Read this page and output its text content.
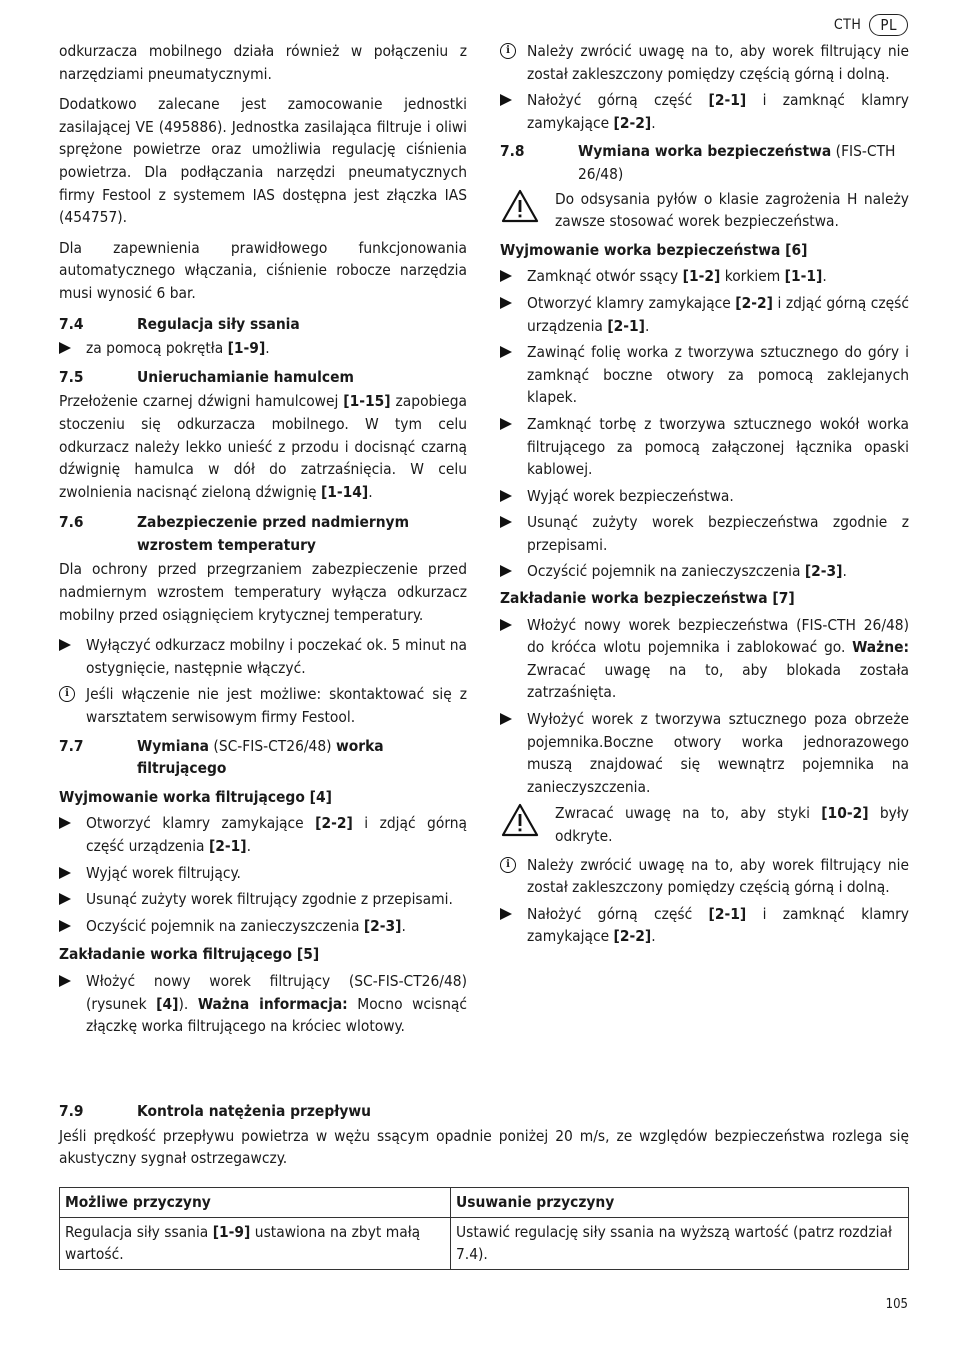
CTH	PL

odkurzacza mobilnego działa również w połączeniu z narzędziami pneumatycznymi.

Dodatkowo zalecane jest zamocowanie jednostki zasilającej VE (495886). Jednostka zasilająca filtruje i oliwi sprężone powietrze oraz umożliwia regulację ciśnienia powietrza. Dla podłączania narzędzi pneumatycznych firmy Festool z systemem IAS dostępna jest złączka IAS (454757).

Dla zapewnienia prawidłowego funkcjonowania automatycznego włączania, ciśnienie robocze narzędzia musi wynosić 6 bar.

7.4	Regulacja siły ssania
za pomocą pokrętła [1-9].
7.5	Unieruchamianie hamulcem

Przełożenie czarnej dźwigni hamulcowej [1-15] zapobiega stoczeniu się odkurzacza mobilnego. W tym celu odkurzacz należy lekko unieść z przodu i docisnąć czarną dźwignię hamulca w dół do zatrzaśnięcia. W celu zwolnienia nacisnąć zieloną dźwignię [1-14].

7.6	Zabezpieczenie przed nadmiernym wzrostem temperatury

Dla ochrony przed przegrzaniem zabezpieczenie przed nadmiernym wzrostem temperatury wyłącza odkurzacz mobilny przed osiągnięciem krytycznej temperatury.

Wyłączyć odkurzacz mobilny i poczekać ok. 5 minut na ostygnięcie, następnie włączyć.
i	Jeśli włączenie nie jest możliwe: skontaktować się z warsztatem serwisowym firmy Festool.
7.7	Wymiana (SC-FIS-CT26/48) worka filtrującego
Wyjmowanie worka filtrującego [4]
Otworzyć klamry zamykające [2-2] i zdjąć górną część urządzenia [2-1].
Wyjąć worek filtrujący.
Usunąć zużyty worek filtrujący zgodnie z przepisami.
Oczyścić pojemnik na zanieczyszczenia [2-3].
Zakładanie worka filtrującego [5]
Włożyć nowy worek filtrujący (SC-FIS-CT26/48) (rysunek [4]). Ważna informacja: Mocno wcisnąć złączkę worka filtrującego na króciec wlotowy.
i	Należy zwrócić uwagę na to, aby worek filtrujący nie został zakleszczony pomiędzy częścią górną i dolną.
Nałożyć górną część [2-1] i zamknąć klamry zamykające [2-2].
7.8	Wymiana worka bezpieczeństwa (FIS-CTH 26/48)
Do odsysania pyłów o klasie zagrożenia H należy zawsze stosować worek bezpieczeństwa.
Wyjmowanie worka bezpieczeństwa [6]
Zamknąć otwór ssący [1-2] korkiem [1-1].
Otworzyć klamry zamykające [2-2] i zdjąć górną część urządzenia [2-1].
Zawinąć folię worka z tworzywa sztucznego do góry i zamknąć boczne otwory za pomocą zaklejanych klapek.
Zamknąć torbę z tworzywa sztucznego wokół worka filtrującego za pomocą załączonej łącznika opaski kablowej.
Wyjąć worek bezpieczeństwa.
Usunąć zużyty worek bezpieczeństwa zgodnie z przepisami.
Oczyścić pojemnik na zanieczyszczenia [2-3].
Zakładanie worka bezpieczeństwa [7]
Włożyć nowy worek bezpieczeństwa (FIS-CTH 26/48) do króćca wlotu pojemnika i zablokować go. Ważne: Zwracać uwagę na to, aby blokada została zatrzaśnięta.
Wyłożyć worek z tworzywa sztucznego poza obrzeże pojemnika.Boczne otwory worka jednorazowego muszą znajdować się wewnątrz pojemnika na zanieczyszczenia.
Zwracać uwagę na to, aby styki [10-2] były odkryte.
i	Należy zwrócić uwagę na to, aby worek filtrujący nie został zakleszczony pomiędzy częścią górną i dolną.
Nałożyć górną część [2-1] i zamknąć klamry zamykające [2-2].
7.9	Kontrola natężenia przepływu

Jeśli prędkość przepływu powietrza w wężu ssącym opadnie poniżej 20 m/s, ze względów bezpieczeństwa rozlega się akustyczny sygnał ostrzegawczy.

Możliwe przyczyny	Usuwanie przyczyny
Regulacja siły ssania [1-9] ustawiona na zbyt małą wartość.	Ustawić regulację siły ssania na wyższą wartość (patrz rozdział 7.4).
105
